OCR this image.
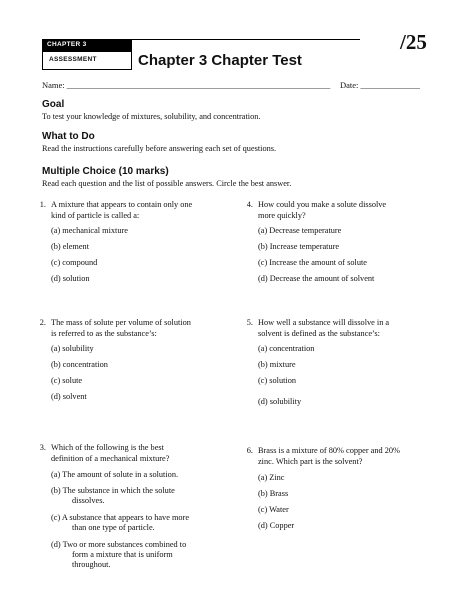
CHAPTER 3
ASSESSMENT	Chapter 3 Chapter Test
/25
Name: ______________________________________________________________ Date: ______________
Goal
To test your knowledge of mixtures, solubility, and concentration.
What to Do
Read the instructions carefully before answering each set of questions.
Multiple Choice (10 marks)
Read each question and the list of possible answers. Circle the best answer.
1. A mixture that appears to contain only one
kind of particle is called a:
(a) mechanical mixture
(b) element
(c) compound
(d) solution
4. How could you make a solute dissolve
more quickly?
(a) Decrease temperature
(b) Increase temperature
(c) Increase the amount of solute
(d) Decrease the amount of solvent
2. The mass of solute per volume of solution
is referred to as the substance’s:
(a) solubility
(b) concentration
(c) solute
(d) solvent
5. How well a substance will dissolve in a
solvent is defined as the substance’s:
(a) concentration
(b) mixture
(c) solution
(d) solubility
3. Which of the following is the best
definition of a mechanical mixture?
(a) The amount of solute in a solution.
(b) The substance in which the solute
dissolves.
(c) A substance that appears to have more
than one type of particle.
(d) Two or more substances combined to
form a mixture that is uniform
throughout.
6. Brass is a mixture of 80% copper and 20%
zinc. Which part is the solvent?
(a) Zinc
(b) Brass
(c) Water
(d) Copper
